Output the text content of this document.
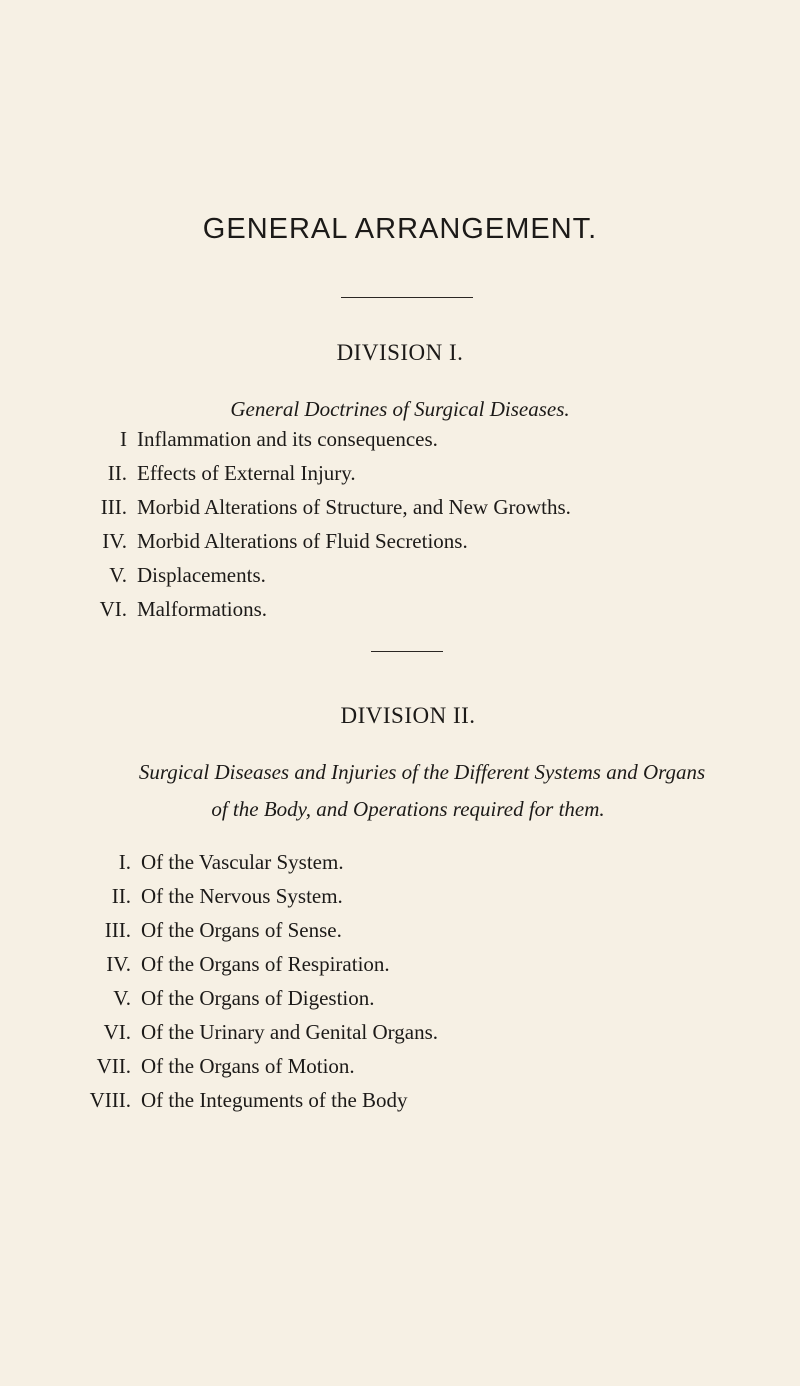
GENERAL ARRANGEMENT.
DIVISION I.
General Doctrines of Surgical Diseases.
I Inflammation and its consequences.
II. Effects of External Injury.
III. Morbid Alterations of Structure, and New Growths.
IV. Morbid Alterations of Fluid Secretions.
V. Displacements.
VI. Malformations.
DIVISION II.
Surgical Diseases and Injuries of the Different Systems and Organs
of the Body, and Operations required for them.
I. Of the Vascular System.
II. Of the Nervous System.
III. Of the Organs of Sense.
IV. Of the Organs of Respiration.
V. Of the Organs of Digestion.
VI. Of the Urinary and Genital Organs.
VII. Of the Organs of Motion.
VIII. Of the Integuments of the Body
